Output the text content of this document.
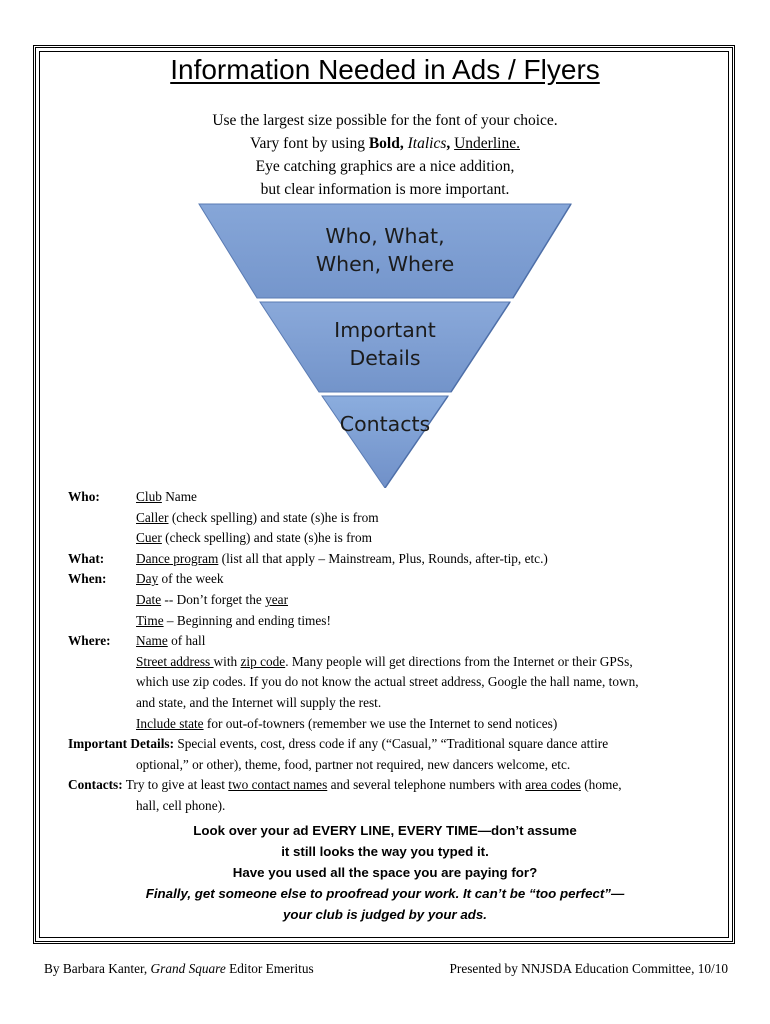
Information Needed in Ads / Flyers
Use the largest size possible for the font of your choice.
Vary font by using Bold, Italics, Underline.
Eye catching graphics are a nice addition,
but clear information is more important.
Who, What,
When, Where
Important
Details
Contacts
Who:	Club Name
Caller (check spelling) and state (s)he is from
Cuer (check spelling) and state (s)he is from
What: Dance program (list all that apply – Mainstream, Plus, Rounds, after-tip, etc.)
When: Day of the week
Date -- Don’t forget the year
Time – Beginning and ending times!
Where: Name of hall
Street address with zip code. Many people will get directions from the Internet or their GPSs,
which use zip codes. If you do not know the actual street address, Google the hall name, town,
and state, and the Internet will supply the rest.
Include state for out-of-towners (remember we use the Internet to send notices)
Important Details: Special events, cost, dress code if any (“Casual,” “Traditional square dance attire
optional,” or other), theme, food, partner not required, new dancers welcome, etc.
Contacts: Try to give at least two contact names and several telephone numbers with area codes (home,
hall, cell phone).
Look over your ad EVERY LINE, EVERY TIME—don’t assume
it still looks the way you typed it.
Have you used all the space you are paying for?
Finally, get someone else to proofread your work. It can’t be “too perfect”—
your club is judged by your ads.
By Barbara Kanter, Grand Square Editor Emeritus	Presented by NNJSDA Education Committee, 10/10
